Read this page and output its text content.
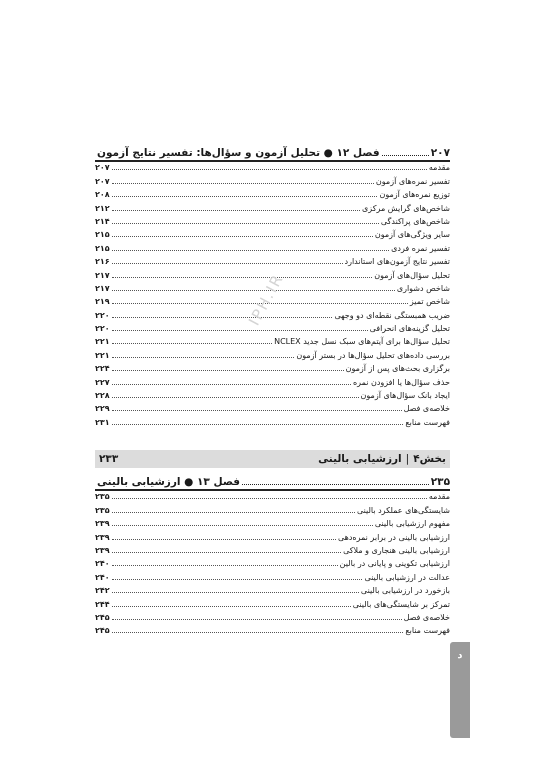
فصل ۱۲ ● تحلیل آزمون و سؤال‌ها: تفسیر نتایج آزمون	۲۰۷
مقدمه
۲۰۷
تفسیر نمره‌های آزمون
۲۰۷
توزیع نمره‌های آزمون
۲۰۸
شاخص‌های گرایش مرکزی
۲۱۲
شاخص‌های پراکندگی
۲۱۴
سایر ویژگی‌های آزمون
۲۱۵
تفسیر نمره فردی
۲۱۵
تفسیر نتایج آزمون‌های استاندارد
۲۱۶
تحلیل سؤال‌های آزمون
۲۱۷
شاخص دشواری
۲۱۷
شاخص تمیز
۲۱۹
ضریب همبستگی نقطه‌ای دو وجهی
۲۲۰
تحلیل گزینه‌های انحرافی
۲۲۰
تحلیل سؤال‌ها برای آیتم‌های سبک نسل جدید NCLEX
۲۲۱
بررسی داده‌های تحلیل سؤال‌ها در بستر آزمون
۲۲۱
برگزاری بحث‌های پس از آزمون
۲۲۴
حذف سؤال‌ها یا افزودن نمره
۲۲۷
ایجاد بانک سؤال‌های آزمون
۲۲۸
خلاصه‌ی فصل
۲۲۹
فهرست منابع
۲۳۱
IPH.IR
بخش۴
|
ارزشیابی بالینی
۲۳۳
فصل ۱۳ ● ارزشیابی بالینی	۲۳۵
مقدمه
۲۳۵
شایستگی‌های عملکرد بالینی
۲۳۵
مفهوم ارزشیابی بالینی
۲۳۹
ارزشیابی بالینی در برابر نمره‌دهی
۲۳۹
ارزشیابی بالینی هنجاری و ملاکی
۲۳۹
ارزشیابی تکوینی و پایانی در بالین
۲۴۰
عدالت در ارزشیابی بالینی
۲۴۰
بازخورد در ارزشیابی بالینی
۲۴۲
تمرکز بر شایستگی‌های بالینی
۲۴۴
خلاصه‌ی فصل
۲۴۵
فهرست منابع
۲۴۵
د
